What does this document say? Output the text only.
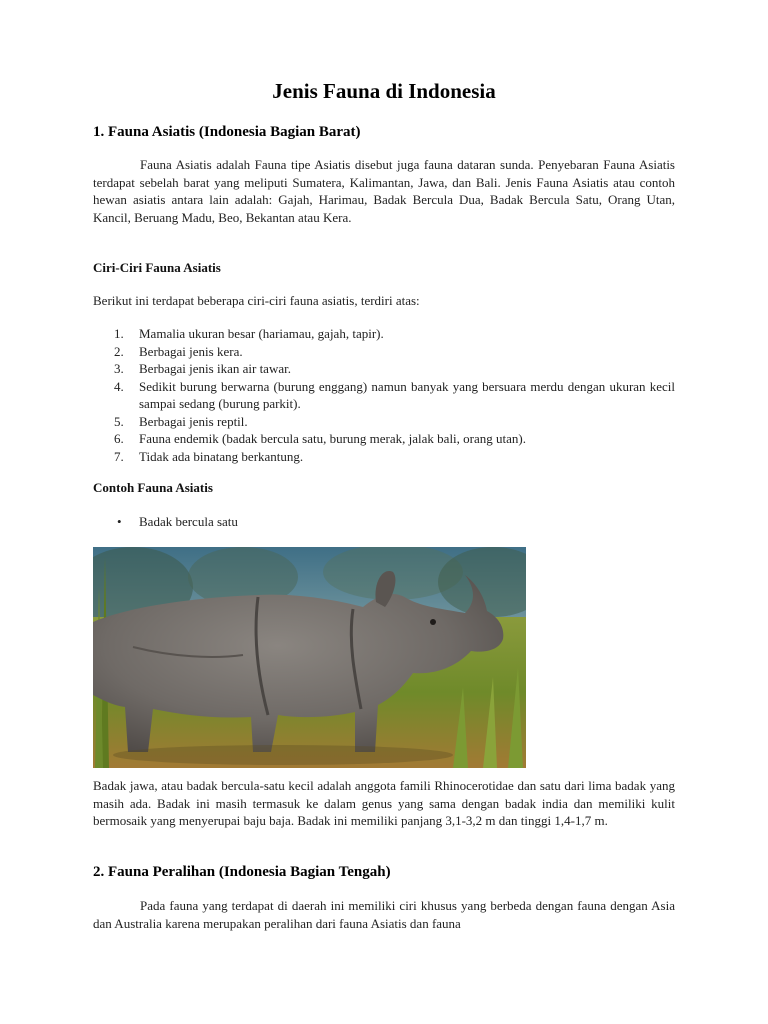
Jenis Fauna di Indonesia
1. Fauna Asiatis (Indonesia Bagian Barat)

Fauna Asiatis adalah Fauna tipe Asiatis disebut juga fauna dataran sunda. Penyebaran Fauna Asiatis terdapat sebelah barat yang meliputi Sumatera, Kalimantan, Jawa, dan Bali. Jenis Fauna Asiatis atau contoh hewan asiatis antara lain adalah: Gajah, Harimau, Badak Bercula Dua, Badak Bercula Satu, Orang Utan, Kancil, Beruang Madu, Beo, Bekantan atau Kera.

Ciri-Ciri Fauna Asiatis

Berikut ini terdapat beberapa ciri-ciri fauna asiatis, terdiri atas:

1. Mamalia ukuran besar (hariamau, gajah, tapir).
2. Berbagai jenis kera.
3. Berbagai jenis ikan air tawar.
4. Sedikit burung berwarna (burung enggang) namun banyak yang bersuara merdu dengan ukuran kecil sampai sedang (burung parkit).
5. Berbagai jenis reptil.
6. Fauna endemik (badak bercula satu, burung merak, jalak bali, orang utan).
7. Tidak ada binatang berkantung.
Contoh Fauna Asiatis
• Badak bercula satu

Badak jawa, atau badak bercula-satu kecil adalah anggota famili Rhinocerotidae dan satu dari lima badak yang masih ada. Badak ini masih termasuk ke dalam genus yang sama dengan badak india dan memiliki kulit bermosaik yang menyerupai baju baja. Badak ini memiliki panjang 3,1-3,2 m dan tinggi 1,4-1,7 m.

2. Fauna Peralihan (Indonesia Bagian Tengah)

Pada fauna yang terdapat di daerah ini memiliki ciri khusus yang berbeda dengan fauna dengan Asia dan Australia karena merupakan peralihan dari fauna Asiatis dan fauna
